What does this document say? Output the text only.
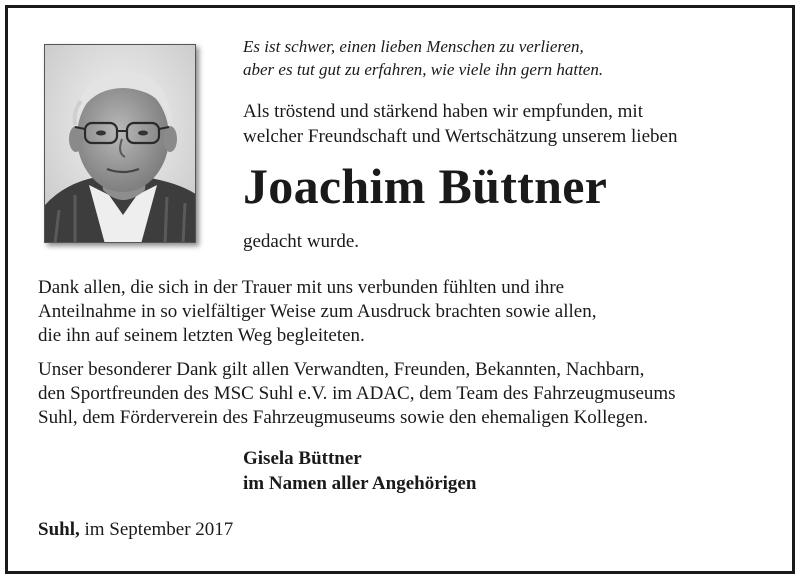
Es ist schwer, einen lieben Menschen zu verlieren,
aber es tut gut zu erfahren, wie viele ihn gern hatten.

Als tröstend und stärkend haben wir empfunden, mit
welcher Freundschaft und Wertschätzung unserem lieben

Joachim Büttner

gedacht wurde.

Dank allen, die sich in der Trauer mit uns verbunden fühlten und ihre
Anteilnahme in so vielfältiger Weise zum Ausdruck brachten sowie allen,
die ihn auf seinem letzten Weg begleiteten.

Unser besonderer Dank gilt allen Verwandten, Freunden, Bekannten, Nachbarn,
den Sportfreunden des MSC Suhl e.V. im ADAC, dem Team des Fahrzeugmuseums
Suhl, dem Förderverein des Fahrzeugmuseums sowie den ehemaligen Kollegen.

Gisela Büttner
im Namen aller Angehörigen

Suhl, im September 2017
